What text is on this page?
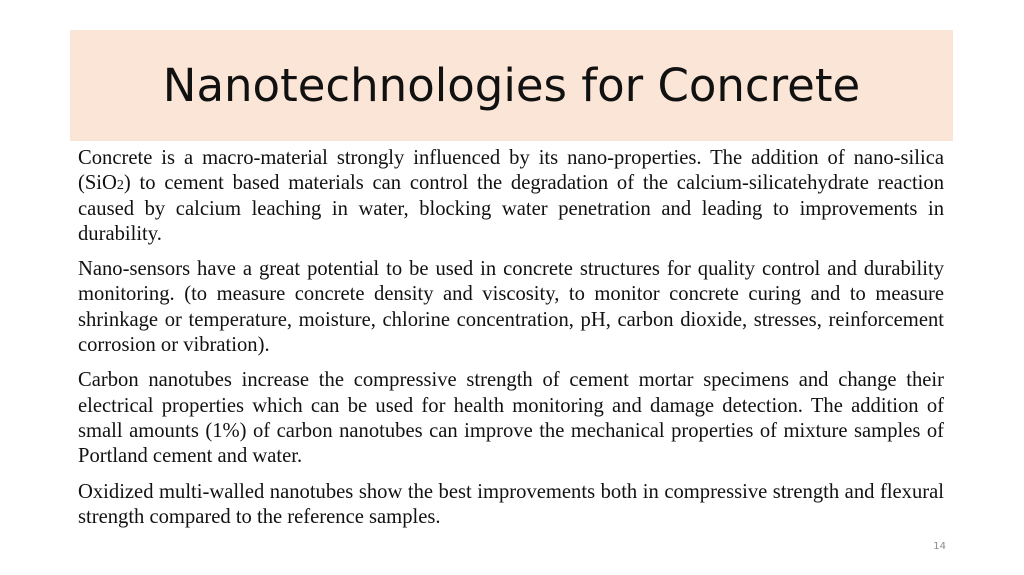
Nanotechnologies for Concrete

Concrete is a macro-material strongly influenced by its nano-properties. The addition of nano-silica (SiO2) to cement based materials can control the degradation of the calcium-silicatehydrate reaction caused by calcium leaching in water, blocking water penetration and leading to improvements in durability.

Nano-sensors have a great potential to be used in concrete structures for quality control and durability monitoring. (to measure concrete density and viscosity, to monitor concrete curing and to measure shrinkage or temperature, moisture, chlorine concentration, pH, carbon dioxide, stresses, reinforcement corrosion or vibration).

Carbon nanotubes increase the compressive strength of cement mortar specimens and change their electrical properties which can be used for health monitoring and damage detection. The addition of small amounts (1%) of carbon nanotubes can improve the mechanical properties of mixture samples of Portland cement and water.

Oxidized multi-walled nanotubes show the best improvements both in compressive strength and flexural strength compared to the reference samples.

14
